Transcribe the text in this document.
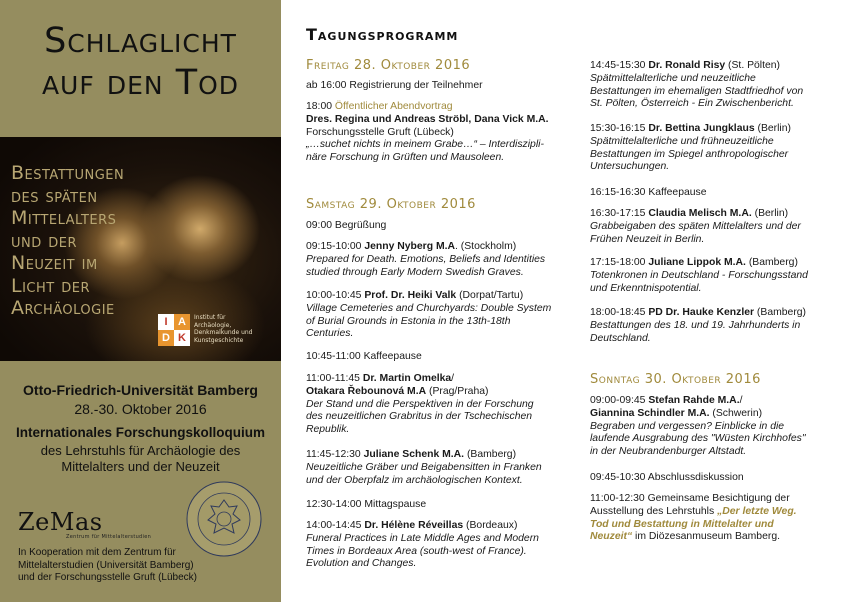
Schlaglicht
auf den Tod
Bestattungen
des späten
Mittelalters
und der
Neuzeit im
Licht der
Archäologie
I A
D K
Institut für
Archäologie,
Denkmalkunde und
Kunstgeschichte
Otto-Friedrich-Universität Bamberg
28.-30. Oktober 2016
Internationales Forschungskolloquium
des Lehrstuhls für Archäologie des
Mittelalters und der Neuzeit
ZeMas
Zentrum für Mittelalterstudien
In Kooperation mit dem Zentrum für
Mittelalterstudien (Universität Bamberg)
und der Forschungsstelle Gruft (Lübeck)
Tagungsprogramm
Freitag 28. Oktober 2016
ab 16:00 Registrierung der Teilnehmer
18:00 Öffentlicher Abendvortrag
Dres. Regina und Andreas Ströbl, Dana Vick M.A.
Forschungsstelle Gruft (Lübeck)
„…suchet nichts in meinem Grabe…“ – Interdiszipli-
näre Forschung in Grüften und Mausoleen.
Samstag 29. Oktober 2016
09:00 Begrüßung
09:15-10:00 Jenny Nyberg M.A. (Stockholm)
Prepared for Death. Emotions, Beliefs and Identities
studied through Early Modern Swedish Graves.
10:00-10:45 Prof. Dr. Heiki Valk (Dorpat/Tartu)
Village Cemeteries and Churchyards: Double System
of Burial Grounds in Estonia in the 13th-18th
Centuries.
10:45-11:00 Kaffeepause
11:00-11:45 Dr. Martin Omelka/
Otakara Řebounová M.A (Prag/Praha)
Der Stand und die Perspektiven in der Forschung
des neuzeitlichen Grabritus in der Tschechischen
Republik.
11:45-12:30 Juliane Schenk M.A. (Bamberg)
Neuzeitliche Gräber und Beigabensitten in Franken
und der Oberpfalz im archäologischen Kontext.
12:30-14:00 Mittagspause
14:00-14:45 Dr. Hélène Réveillas (Bordeaux)
Funeral Practices in Late Middle Ages and Modern
Times in Bordeaux Area (south-west of France).
Evolution and Changes.
14:45-15:30 Dr. Ronald Risy (St. Pölten)
Spätmittelalterliche und neuzeitliche
Bestattungen im ehemaligen Stadtfriedhof von
St. Pölten, Österreich - Ein Zwischenbericht.
15:30-16:15 Dr. Bettina Jungklaus (Berlin)
Spätmittelalterliche und frühneuzeitliche
Bestattungen im Spiegel anthropologischer
Untersuchungen.
16:15-16:30 Kaffeepause
16:30-17:15 Claudia Melisch M.A. (Berlin)
Grabbeigaben des späten Mittelalters und der
Frühen Neuzeit in Berlin.
17:15-18:00 Juliane Lippok M.A. (Bamberg)
Totenkronen in Deutschland - Forschungsstand
und Erkenntnispotential.
18:00-18:45 PD Dr. Hauke Kenzler (Bamberg)
Bestattungen des 18. und 19. Jahrhunderts in
Deutschland.
Sonntag 30. Oktober 2016
09:00-09:45 Stefan Rahde M.A./
Giannina Schindler M.A. (Schwerin)
Begraben und vergessen? Einblicke in die
laufende Ausgrabung des "Wüsten Kirchhofes"
in der Neubrandenburger Altstadt.
09:45-10:30 Abschlussdiskussion
11:00-12:30 Gemeinsame Besichtigung der
Ausstellung des Lehrstuhls „Der letzte Weg.
Tod und Bestattung in Mittelalter und
Neuzeit“ im Diözesanmuseum Bamberg.
